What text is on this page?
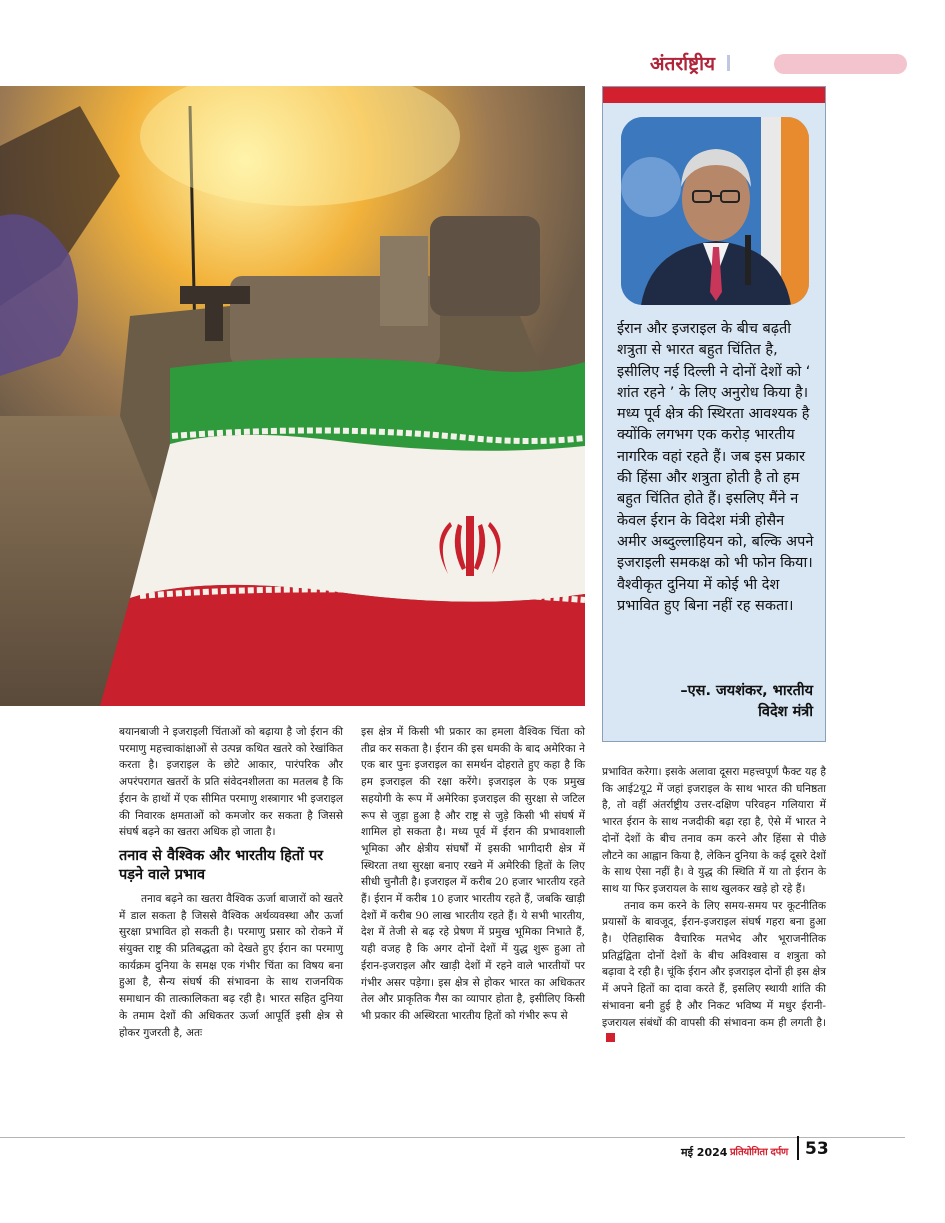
अंतर्राष्ट्रीय
ईरान और इजराइल के बीच बढ़ती शत्रुता से भारत बहुत चिंतित है, इसीलिए नई दिल्ली ने दोनों देशों को ‘ शांत रहने ’ के लिए अनुरोध किया है। मध्य पूर्व क्षेत्र की स्थिरता आवश्यक है क्योंकि लगभग एक करोड़ भारतीय नागरिक वहां रहते हैं। जब इस प्रकार की हिंसा और शत्रुता होती है तो हम बहुत चिंतित होते हैं। इसलिए मैंने न केवल ईरान के विदेश मंत्री होसैन अमीर अब्दुल्लाहियन को, बल्कि अपने इजराइली समकक्ष को भी फोन किया। वैश्वीकृत दुनिया में कोई भी देश प्रभावित हुए बिना नहीं रह सकता।
–एस. जयशंकर, भारतीय
विदेश मंत्री

बयानबाजी ने इजराइली चिंताओं को बढ़ाया है जो ईरान की परमाणु महत्त्वाकांक्षाओं से उत्पन्न कथित खतरे को रेखांकित करता है। इजराइल के छोटे आकार, पारंपरिक और अपरंपरागत खतरों के प्रति संवेदनशीलता का मतलब है कि ईरान के हाथों में एक सीमित परमाणु शस्त्रागार भी इजराइल की निवारक क्षमताओं को कमजोर कर सकता है जिससे संघर्ष बढ़ने का खतरा अधिक हो जाता है।

तनाव से वैश्विक और भारतीय हितों पर पड़ने वाले प्रभाव

तनाव बढ़ने का खतरा वैश्विक ऊर्जा बाजारों को खतरे में डाल सकता है जिससे वैश्विक अर्थव्यवस्था और ऊर्जा सुरक्षा प्रभावित हो सकती है। परमाणु प्रसार को रोकने में संयुक्त राष्ट्र की प्रतिबद्धता को देखते हुए ईरान का परमाणु कार्यक्रम दुनिया के समक्ष एक गंभीर चिंता का विषय बना हुआ है, सैन्य संघर्ष की संभावना के साथ राजनयिक समाधान की तात्कालिकता बढ़ रही है। भारत सहित दुनिया के तमाम देशों की अधिकतर ऊर्जा आपूर्ति इसी क्षेत्र से होकर गुजरती है, अतः

इस क्षेत्र में किसी भी प्रकार का हमला वैश्विक चिंता को तीव्र कर सकता है। ईरान की इस धमकी के बाद अमेरिका ने एक बार पुनः इजराइल का समर्थन दोहराते हुए कहा है कि हम इजराइल की रक्षा करेंगे। इजराइल के एक प्रमुख सहयोगी के रूप में अमेरिका इजराइल की सुरक्षा से जटिल रूप से जुड़ा हुआ है और राष्ट्र से जुड़े किसी भी संघर्ष में शामिल हो सकता है। मध्य पूर्व में ईरान की प्रभावशाली भूमिका और क्षेत्रीय संघर्षों में इसकी भागीदारी क्षेत्र में स्थिरता तथा सुरक्षा बनाए रखने में अमेरिकी हितों के लिए सीधी चुनौती है। इजराइल में करीब 20 हजार भारतीय रहते हैं। ईरान में करीब 10 हजार भारतीय रहते हैं, जबकि खाड़ी देशों में करीब 90 लाख भारतीय रहते हैं। ये सभी भारतीय, देश में तेजी से बढ़ रहे प्रेषण में प्रमुख भूमिका निभाते हैं, यही वजह है कि अगर दोनों देशों में युद्ध शुरू हुआ तो ईरान-इजराइल और खाड़ी देशों में रहने वाले भारतीयों पर गंभीर असर पड़ेगा। इस क्षेत्र से होकर भारत का अधिकतर तेल और प्राकृतिक गैस का व्यापार होता है, इसीलिए किसी भी प्रकार की अस्थिरता भारतीय हितों को गंभीर रूप से

प्रभावित करेगा। इसके अलावा दूसरा महत्त्वपूर्ण फैक्ट यह है कि आई2यू2 में जहां इजराइल के साथ भारत की घनिष्ठता है, तो वहीं अंतर्राष्ट्रीय उत्तर-दक्षिण परिवहन गलियारा में भारत ईरान के साथ नजदीकी बढ़ा रहा है, ऐसे में भारत ने दोनों देशों के बीच तनाव कम करने और हिंसा से पीछे लौटने का आह्वान किया है, लेकिन दुनिया के कई दूसरे देशों के साथ ऐसा नहीं है। वे युद्ध की स्थिति में या तो ईरान के साथ या फिर इजरायल के साथ खुलकर खड़े हो रहे हैं।

तनाव कम करने के लिए समय-समय पर कूटनीतिक प्रयासों के बावजूद, ईरान-इजराइल संघर्ष गहरा बना हुआ है। ऐतिहासिक वैचारिक मतभेद और भूराजनीतिक प्रतिद्वंद्विता दोनों देशों के बीच अविश्वास व शत्रुता को बढ़ावा दे रही है। चूंकि ईरान और इजराइल दोनों ही इस क्षेत्र में अपने हितों का दावा करते हैं, इसलिए स्थायी शांति की संभावना बनी हुई है और निकट भविष्य में मधुर ईरानी-इजरायल संबंधों की वापसी की संभावना कम ही लगती है।

मई 2024 प्रतियोगिता दर्पण 53
